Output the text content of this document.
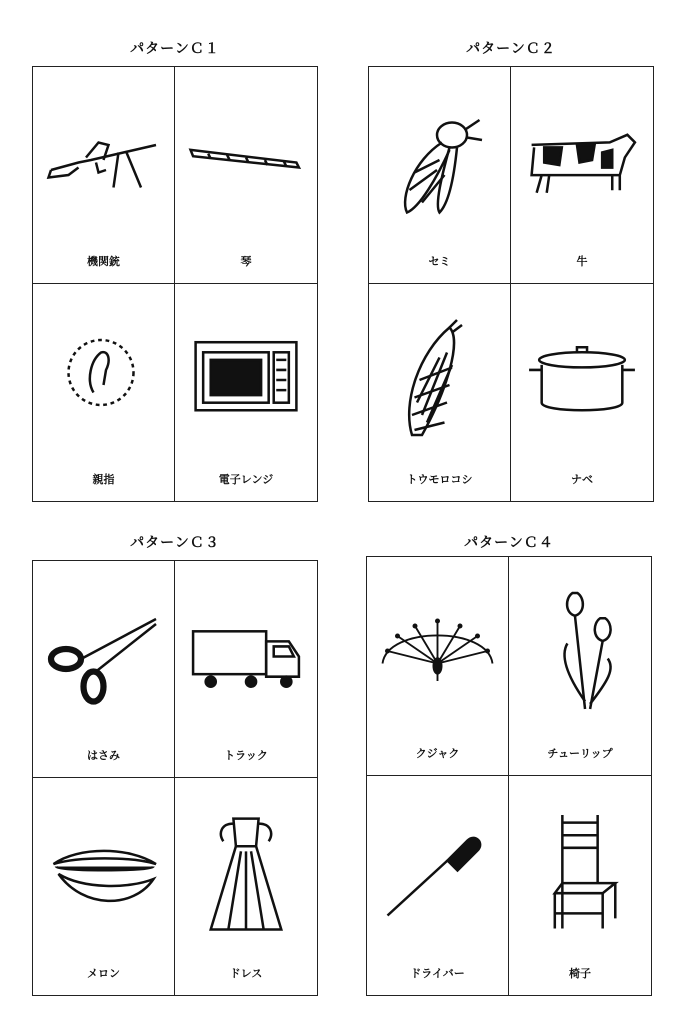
パターンＣ１
機関銃	琴
親指	電子レンジ
パターンＣ２
セミ	牛
トウモロコシ	ナベ
パターンＣ３
はさみ	トラック
メロン	ドレス
パターンＣ４
クジャク	チューリップ
ドライバー	椅子
